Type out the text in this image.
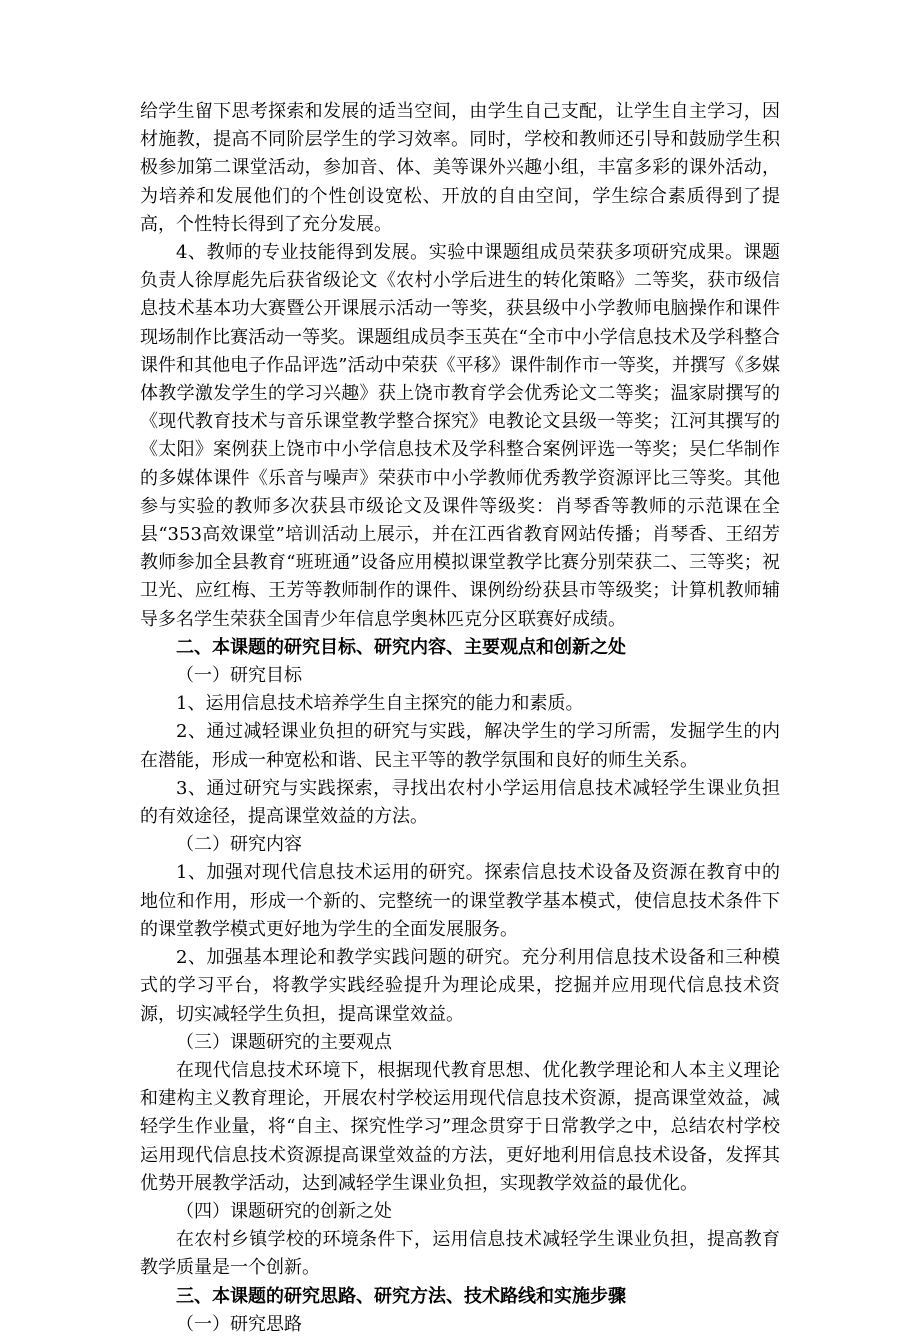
给学生留下思考探索和发展的适当空间，由学生自己支配，让学生自主学习，因材施教，提高不同阶层学生的学习效率。同时，学校和教师还引导和鼓励学生积极参加第二课堂活动，参加音、体、美等课外兴趣小组，丰富多彩的课外活动，为培养和发展他们的个性创设宽松、开放的自由空间，学生综合素质得到了提高，个性特长得到了充分发展。

4、教师的专业技能得到发展。实验中课题组成员荣获多项研究成果。课题负责人徐厚彪先后获省级论文《农村小学后进生的转化策略》二等奖，获市级信息技术基本功大赛暨公开课展示活动一等奖，获县级中小学教师电脑操作和课件现场制作比赛活动一等奖。课题组成员李玉英在“全市中小学信息技术及学科整合课件和其他电子作品评选”活动中荣获《平移》课件制作市一等奖，并撰写《多媒体教学激发学生的学习兴趣》获上饶市教育学会优秀论文二等奖；温家尉撰写的《现代教育技术与音乐课堂教学整合探究》电教论文县级一等奖；江河其撰写的《太阳》案例获上饶市中小学信息技术及学科整合案例评选一等奖；吴仁华制作的多媒体课件《乐音与噪声》荣获市中小学教师优秀教学资源评比三等奖。其他参与实验的教师多次获县市级论文及课件等级奖：肖琴香等教师的示范课在全县“353高效课堂”培训活动上展示，并在江西省教育网站传播；肖琴香、王绍芳教师参加全县教育“班班通”设备应用模拟课堂教学比赛分别荣获二、三等奖；祝卫光、应红梅、王芳等教师制作的课件、课例纷纷获县市等级奖；计算机教师辅导多名学生荣获全国青少年信息学奥林匹克分区联赛好成绩。

二、本课题的研究目标、研究内容、主要观点和创新之处

（一）研究目标

1、运用信息技术培养学生自主探究的能力和素质。

2、通过减轻课业负担的研究与实践，解决学生的学习所需，发掘学生的内在潜能，形成一种宽松和谐、民主平等的教学氛围和良好的师生关系。

3、通过研究与实践探索，寻找出农村小学运用信息技术减轻学生课业负担的有效途径，提高课堂效益的方法。

（二）研究内容

1、加强对现代信息技术运用的研究。探索信息技术设备及资源在教育中的地位和作用，形成一个新的、完整统一的课堂教学基本模式，使信息技术条件下的课堂教学模式更好地为学生的全面发展服务。

2、加强基本理论和教学实践问题的研究。充分利用信息技术设备和三种模式的学习平台，将教学实践经验提升为理论成果，挖掘并应用现代信息技术资源，切实减轻学生负担，提高课堂效益。

（三）课题研究的主要观点

在现代信息技术环境下，根据现代教育思想、优化教学理论和人本主义理论和建构主义教育理论，开展农村学校运用现代信息技术资源，提高课堂效益，减轻学生作业量，将“自主、探究性学习”理念贯穿于日常教学之中，总结农村学校运用现代信息技术资源提高课堂效益的方法，更好地利用信息技术设备，发挥其优势开展教学活动，达到减轻学生课业负担，实现教学效益的最优化。

（四）课题研究的创新之处

在农村乡镇学校的环境条件下，运用信息技术减轻学生课业负担，提高教育教学质量是一个创新。

三、本课题的研究思路、研究方法、技术路线和实施步骤

（一）研究思路
